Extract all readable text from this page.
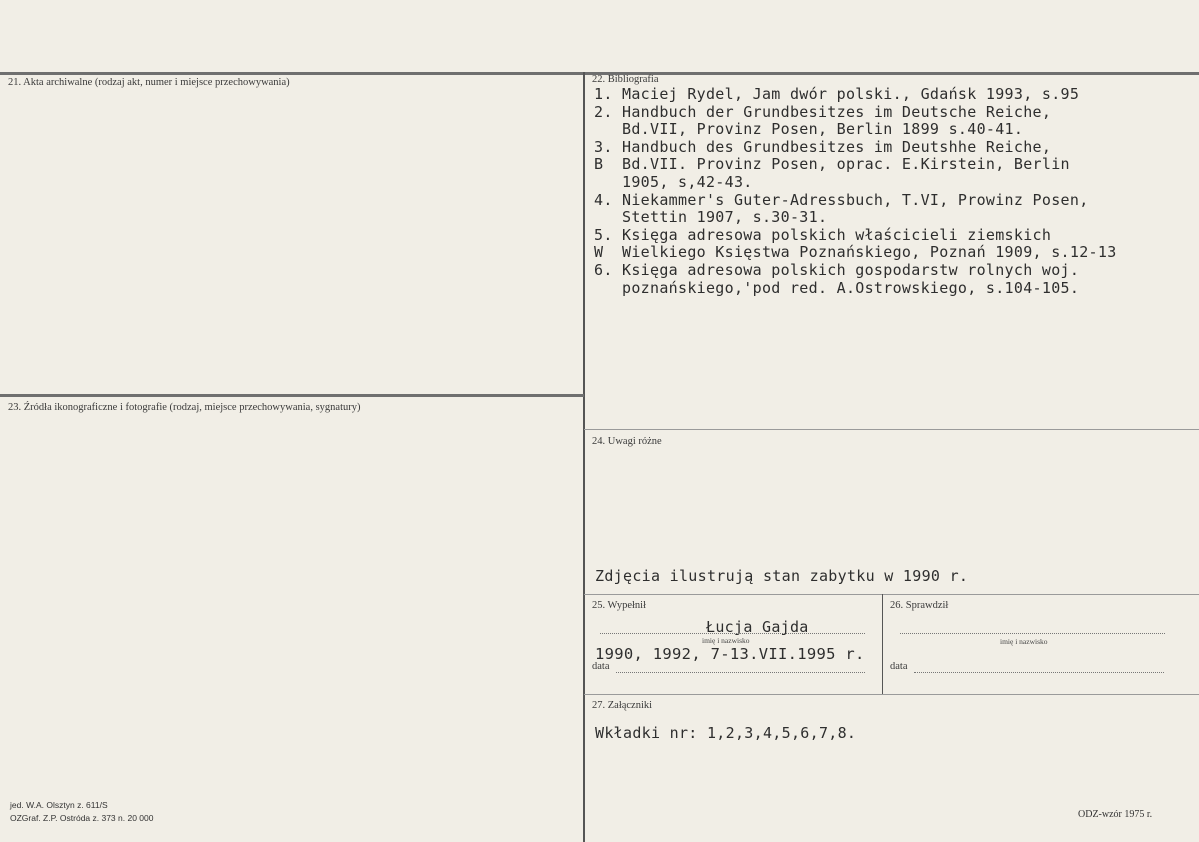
21. Akta archiwalne (rodzaj akt, numer i miejsce przechowywania)	22. Bibliografia
1. Maciej Rydel, Jam dwór polski., Gdańsk 1993, s.95
2. Handbuch der Grundbesitzes im Deutsche Reiche,
Bd.VII, Provinz Posen, Berlin 1899 s.40-41.
3. Handbuch des Grundbesitzes im Deutshhe Reiche,
B	Bd.VII. Provinz Posen, oprac. E.Kirstein, Berlin
1905, s,42-43.
4. Niekammer's Guter-Adressbuch, T.VI, Prowinz Posen,
Stettin 1907, s.30-31.
5. Księga adresowa polskich właścicieli ziemskich
W	Wielkiego Księstwa Poznańskiego, Poznań 1909, s.12-13
6. Księga adresowa polskich gospodarstw rolnych woj.
poznańskiego,'pod red. A.Ostrowskiego, s.104-105.
23. Źródła ikonograficzne i fotografie (rodzaj, miejsce przechowywania, sygnatury)
24. Uwagi różne
Zdjęcia ilustrują stan zabytku w 1990 r.
25. Wypełnił
Łucja Gajda
imię i nazwisko
1990, 1992, 7-13.VII.1995 r.
data
26. Sprawdził
imię i nazwisko
data
27. Załączniki
Wkładki nr: 1,2,3,4,5,6,7,8.
jed. W.A. Olsztyn z. 611/S
OZGraf. Z.P. Ostróda z. 373 n. 20 000	ODZ-wzór 1975 r.
